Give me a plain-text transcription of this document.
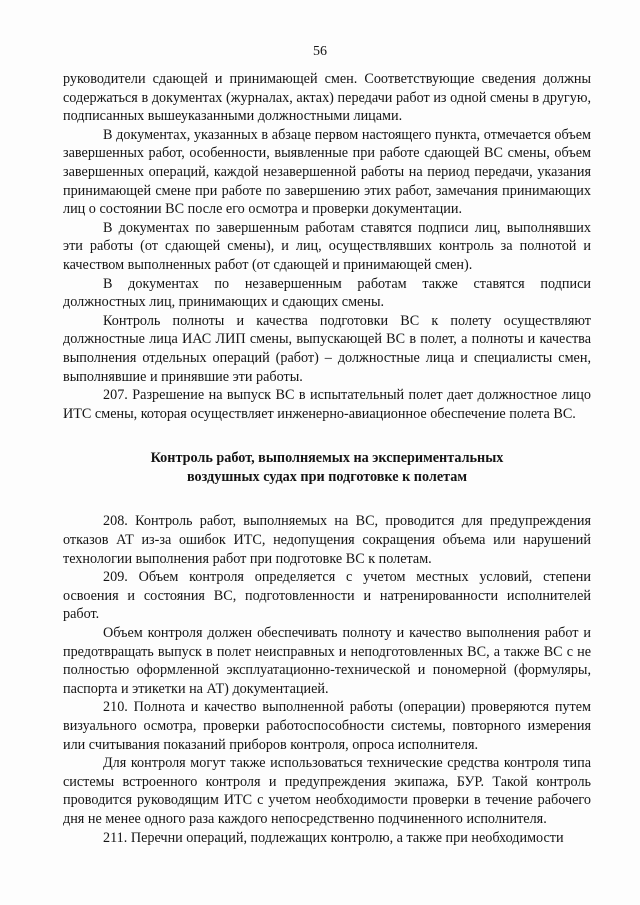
56

руководители сдающей и принимающей смен. Соответствующие сведения должны содержаться в документах (журналах, актах) передачи работ из одной смены в другую, подписанных вышеуказанными должностными лицами.

В документах, указанных в абзаце первом настоящего пункта, отмечается объем завершенных работ, особенности, выявленные при работе сдающей ВС смены, объем завершенных операций, каждой незавершенной работы на период передачи, указания принимающей смене при работе по завершению этих работ, замечания принимающих лиц о состоянии ВС после его осмотра и проверки документации.

В документах по завершенным работам ставятся подписи лиц, выполнявших эти работы (от сдающей смены), и лиц, осуществлявших контроль за полнотой и качеством выполненных работ (от сдающей и принимающей смен).

В документах по незавершенным работам также ставятся подписи должностных лиц, принимающих и сдающих смены.

Контроль полноты и качества подготовки ВС к полету осуществляют должностные лица ИАС ЛИП смены, выпускающей ВС в полет, а полноты и качества выполнения отдельных операций (работ) – должностные лица и специалисты смен, выполнявшие и принявшие эти работы.

207. Разрешение на выпуск ВС в испытательный полет дает должностное лицо ИТС смены, которая осуществляет инженерно-авиационное обеспечение полета ВС.

Контроль работ, выполняемых на экспериментальных
воздушных судах при подготовке к полетам

208. Контроль работ, выполняемых на ВС, проводится для предупреждения отказов АТ из-за ошибок ИТС, недопущения сокращения объема или нарушений технологии выполнения работ при подготовке ВС к полетам.

209. Объем контроля определяется с учетом местных условий, степени освоения и состояния ВС, подготовленности и натренированности исполнителей работ.

Объем контроля должен обеспечивать полноту и качество выполнения работ и предотвращать выпуск в полет неисправных и неподготовленных ВС, а также ВС с не полностью оформленной эксплуатационно-технической и пономерной (формуляры, паспорта и этикетки на АТ) документацией.

210. Полнота и качество выполненной работы (операции) проверяются путем визуального осмотра, проверки работоспособности системы, повторного измерения или считывания показаний приборов контроля, опроса исполнителя.

Для контроля могут также использоваться технические средства контроля типа системы встроенного контроля и предупреждения экипажа, БУР. Такой контроль проводится руководящим ИТС с учетом необходимости проверки в течение рабочего дня не менее одного раза каждого непосредственно подчиненного исполнителя.

211. Перечни операций, подлежащих контролю, а также при необходимости
